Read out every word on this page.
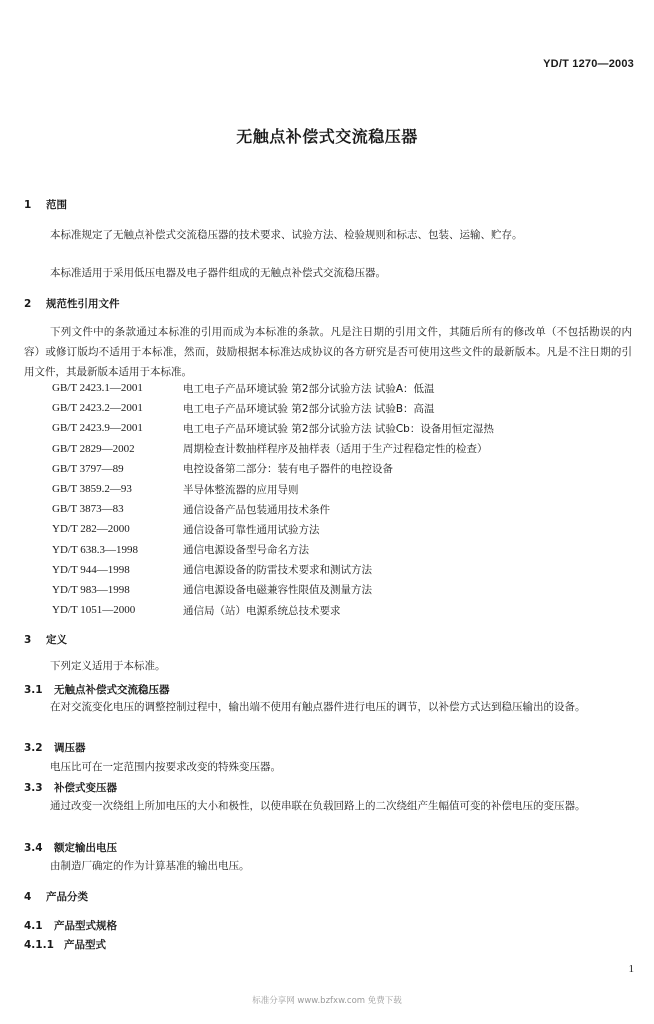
YD/T 1270—2003
无触点补偿式交流稳压器
1 范围

本标准规定了无触点补偿式交流稳压器的技术要求、试验方法、检验规则和标志、包装、运输、贮存。

本标准适用于采用低压电器及电子器件组成的无触点补偿式交流稳压器。

2 规范性引用文件

下列文件中的条款通过本标准的引用而成为本标准的条款。凡是注日期的引用文件，其随后所有的修改单（不包括勘误的内容）或修订版均不适用于本标准，然而，鼓励根据本标准达成协议的各方研究是否可使用这些文件的最新版本。凡是不注日期的引用文件，其最新版本适用于本标准。

GB/T 2423.1—2001	电工电子产品环境试验 第2部分试验方法 试验A：低温
GB/T 2423.2—2001	电工电子产品环境试验 第2部分试验方法 试验B：高温
GB/T 2423.9—2001	电工电子产品环境试验 第2部分试验方法 试验Cb：设备用恒定湿热
GB/T 2829—2002	周期检查计数抽样程序及抽样表（适用于生产过程稳定性的检查）
GB/T 3797—89	电控设备第二部分：装有电子器件的电控设备
GB/T 3859.2—93	半导体整流器的应用导则
GB/T 3873—83	通信设备产品包装通用技术条件
YD/T 282—2000	通信设备可靠性通用试验方法
YD/T 638.3—1998	通信电源设备型号命名方法
YD/T 944—1998	通信电源设备的防雷技术要求和测试方法
YD/T 983—1998	通信电源设备电磁兼容性限值及测量方法
YD/T 1051—2000	通信局（站）电源系统总技术要求
3 定义

下列定义适用于本标准。

3.1 无触点补偿式交流稳压器

在对交流变化电压的调整控制过程中，输出端不使用有触点器件进行电压的调节，以补偿方式达到稳压输出的设备。

3.2 调压器

电压比可在一定范围内按要求改变的特殊变压器。

3.3 补偿式变压器

通过改变一次绕组上所加电压的大小和极性，以使串联在负载回路上的二次绕组产生幅值可变的补偿电压的变压器。

3.4 额定输出电压

由制造厂确定的作为计算基准的输出电压。

4 产品分类
4.1 产品型式规格
4.1.1 产品型式
1
标准分享网 www.bzfxw.com 免费下载
